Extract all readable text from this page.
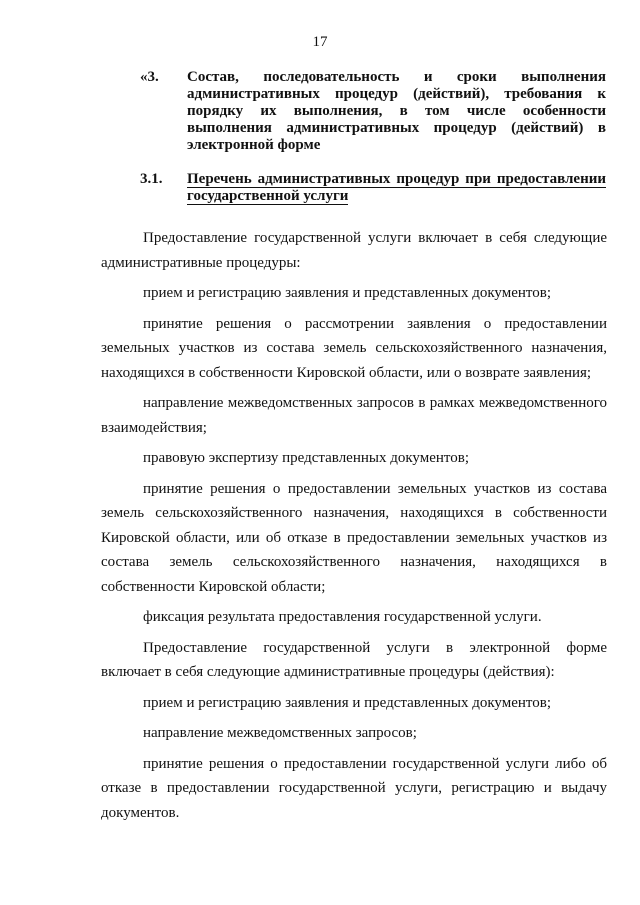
17
«3. Состав, последовательность и сроки выполнения административных процедур (действий), требования к порядку их выполнения, в том числе особенности выполнения административных процедур (действий) в электронной форме
3.1. Перечень административных процедур при предоставлении государственной услуги

Предоставление государственной услуги включает в себя следующие административные процедуры:

прием и регистрацию заявления и представленных документов;

принятие решения о рассмотрении заявления о предоставлении земельных участков из состава земель сельскохозяйственного назначения, находящихся в собственности Кировской области, или о возврате заявления;

направление межведомственных запросов в рамках межведомственного взаимодействия;

правовую экспертизу представленных документов;

принятие решения о предоставлении земельных участков из состава земель сельскохозяйственного назначения, находящихся в собственности Кировской области, или об отказе в предоставлении земельных участков из состава земель сельскохозяйственного назначения, находящихся в собственности Кировской области;

фиксация результата предоставления государственной услуги.

Предоставление государственной услуги в электронной форме включает в себя следующие административные процедуры (действия):

прием и регистрацию заявления и представленных документов;

направление межведомственных запросов;

принятие решения о предоставлении государственной услуги либо об отказе в предоставлении государственной услуги, регистрацию и выдачу документов.
